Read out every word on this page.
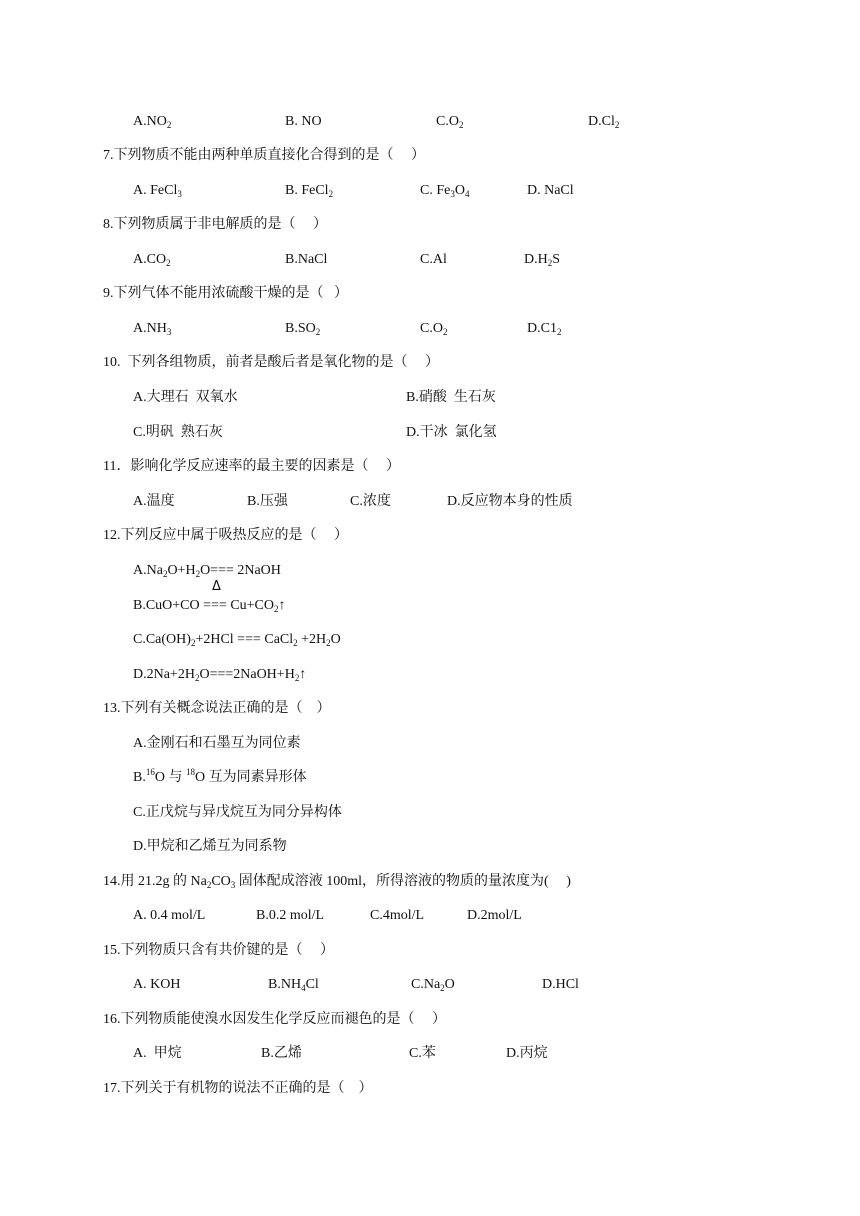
$A.NO_2$	B. NO	$C.O_2$	$D.Cl_2$
7.下列物质不能由两种单质直接化合得到的是（     ）
A. FeCl$_3$	B. FeCl$_2$	C. $Fe_3O_4$	D. NaCl
8.下列物质属于非电解质的是（     ）
$A.CO_2$	B.NaCl	C.Al	$D.H_2S$
9.下列气体不能用浓硫酸干燥的是（   ）
$A.NH_3$	$B.SO_2$	$C.O_2$	$D.C1_2$
10.  下列各组物质，前者是酸后者是氧化物的是（     ）
A.大理石  双氧水	B.硝酸  生石灰
C.明矾  熟石灰	D.干冰  氯化氢
11．影响化学反应速率的最主要的因素是（     ）
A.温度	B.压强	C.浓度	D.反应物本身的性质
12.下列反应中属于吸热反应的是（     ）
$A.Na_2O+H_2O===$ 2NaOH
B.CuO+CO === $Cu+CO_2↑$
$C.Ca(OH)_2+2HCl$ === CaCl$_2$ $+2H_2O$
$D.2Na+2H_2O===2NaOH+H_2↑$
13.下列有关概念说法正确的是（    ）
A.金刚石和石墨互为同位素
B.$^{16}$O 与 $^{18}$O 互为同素异形体
C.正戊烷与异戊烷互为同分异构体
D.甲烷和乙烯互为同系物
14.用 21.2g 的 $Na_2CO_3$ 固体配成溶液 100ml，所得溶液的物质的量浓度为(     )
A. 0.4 mol/L	B.0.2 mol/L	C.4mol/L	D.2mol/L
15.下列物质只含有共价键的是（     ）
A. KOH	$B.NH_4Cl$	$C.Na_2O$	D.HCl
16.下列物质能使溴水因发生化学反应而褪色的是（     ）
A.  甲烷	B.乙烯	C.苯	D.丙烷
17.下列关于有机物的说法不正确的是（    ）
Δ
